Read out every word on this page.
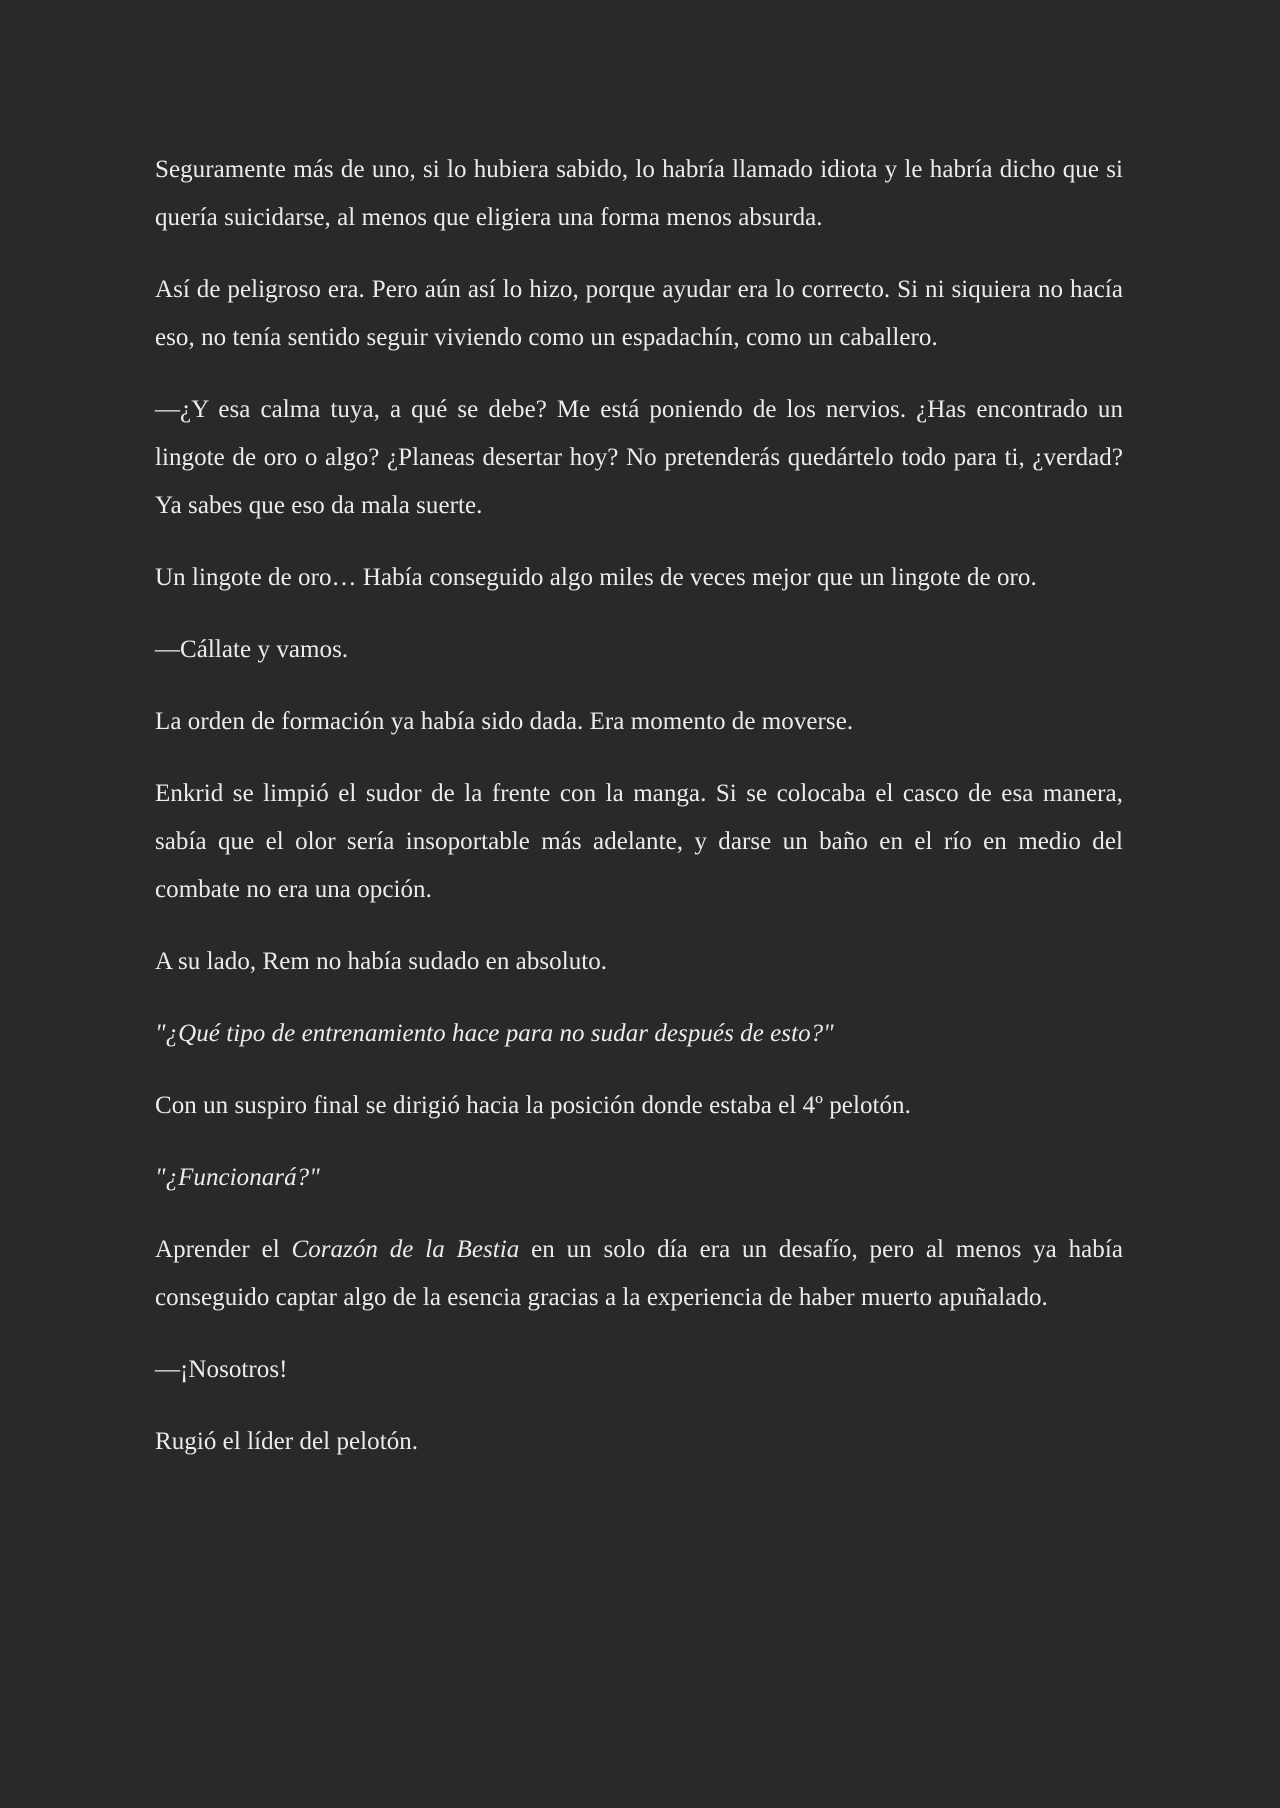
Seguramente más de uno, si lo hubiera sabido, lo habría llamado idiota y le habría dicho que si quería suicidarse, al menos que eligiera una forma menos absurda.

Así de peligroso era. Pero aún así lo hizo, porque ayudar era lo correcto. Si ni siquiera no hacía eso, no tenía sentido seguir viviendo como un espadachín, como un caballero.

—¿Y esa calma tuya, a qué se debe? Me está poniendo de los nervios. ¿Has encontrado un lingote de oro o algo? ¿Planeas desertar hoy? No pretenderás quedártelo todo para ti, ¿verdad? Ya sabes que eso da mala suerte.

Un lingote de oro… Había conseguido algo miles de veces mejor que un lingote de oro.

—Cállate y vamos.

La orden de formación ya había sido dada. Era momento de moverse.

Enkrid se limpió el sudor de la frente con la manga. Si se colocaba el casco de esa manera, sabía que el olor sería insoportable más adelante, y darse un baño en el río en medio del combate no era una opción.

A su lado, Rem no había sudado en absoluto.

"¿Qué tipo de entrenamiento hace para no sudar después de esto?"

Con un suspiro final se dirigió hacia la posición donde estaba el 4º pelotón.

"¿Funcionará?"

Aprender el Corazón de la Bestia en un solo día era un desafío, pero al menos ya había conseguido captar algo de la esencia gracias a la experiencia de haber muerto apuñalado.

—¡Nosotros!

Rugió el líder del pelotón.
